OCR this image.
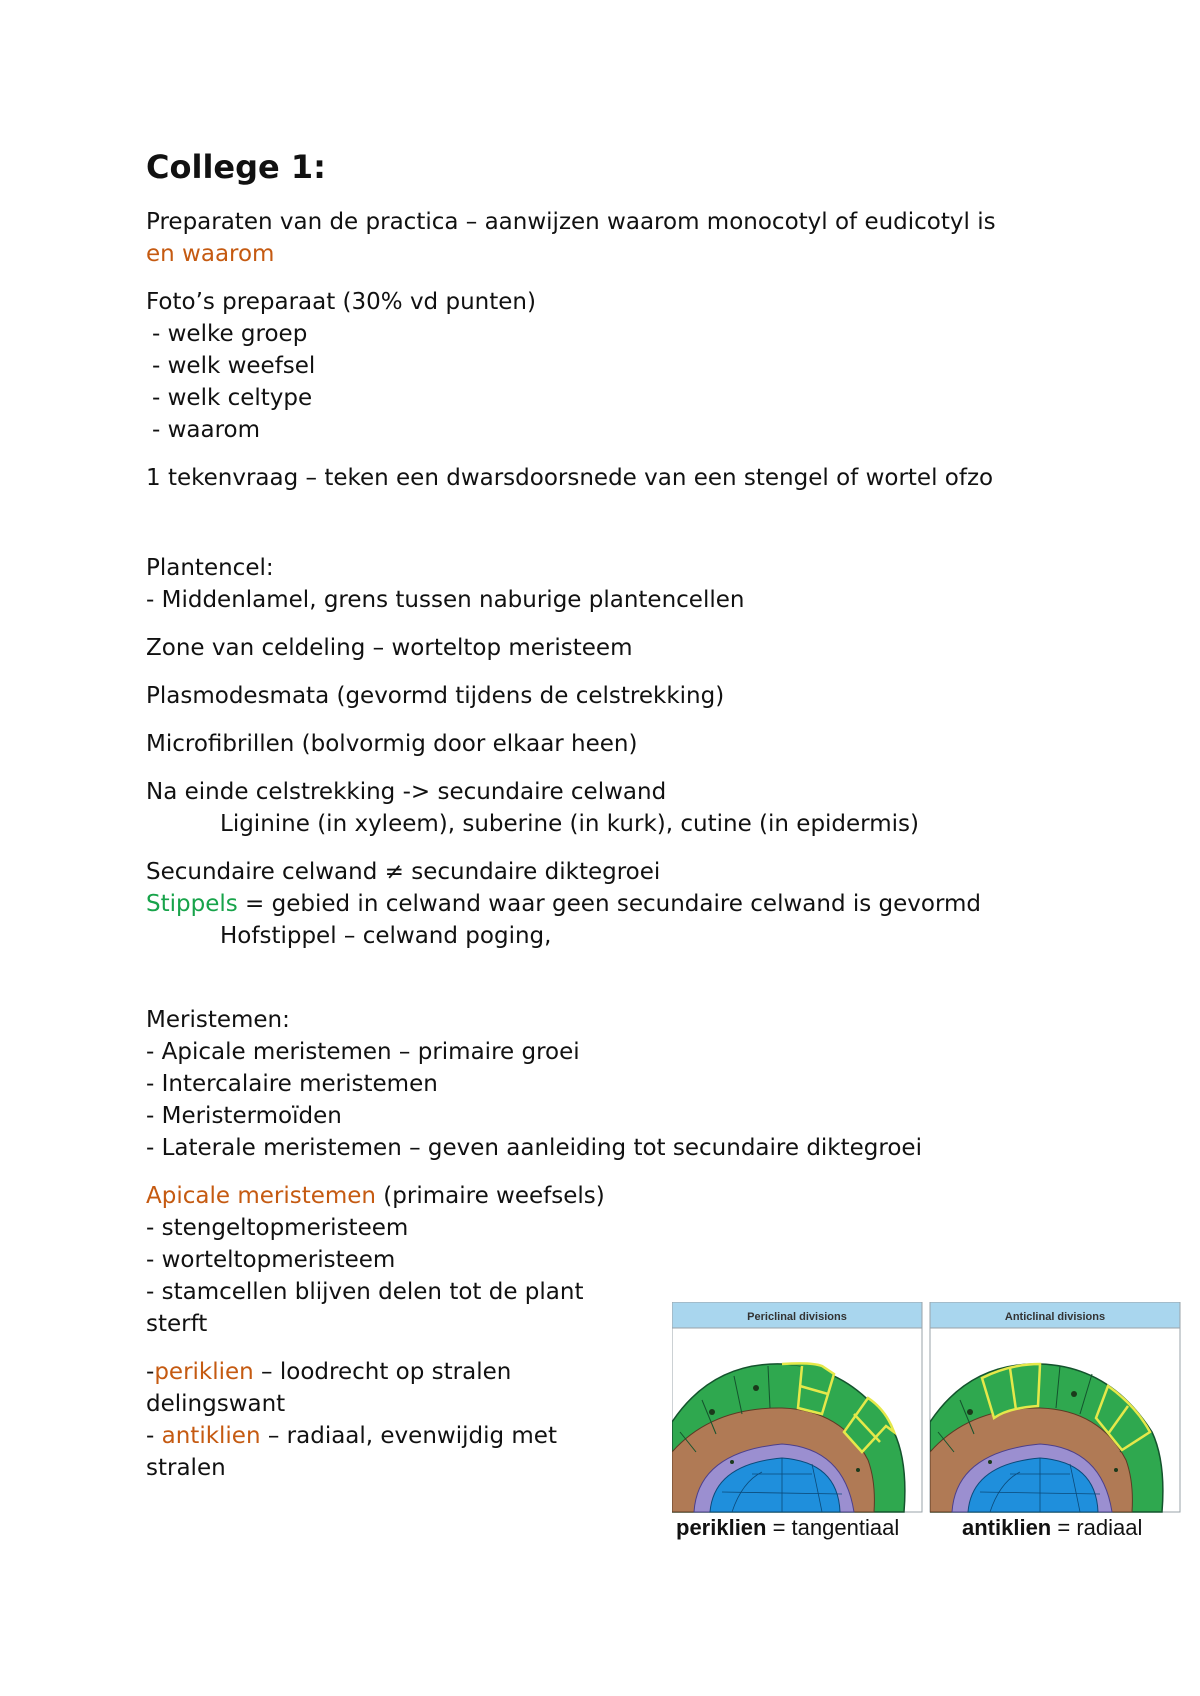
College 1:

Preparaten van de practica – aanwijzen waarom monocotyl of eudicotyl is
en waarom

Foto’s preparaat (30% vd punten)
- welke groep
- welk weefsel
- welk celtype
- waarom

1 tekenvraag – teken een dwarsdoorsnede van een stengel of wortel ofzo

Plantencel:
- Middenlamel, grens tussen naburige plantencellen

Zone van celdeling – worteltop meristeem

Plasmodesmata (gevormd tijdens de celstrekking)

Microfibrillen (bolvormig door elkaar heen)

Na einde celstrekking -> secundaire celwand
Liginine (in xyleem), suberine (in kurk), cutine (in epidermis)

Secundaire celwand ≠ secundaire diktegroei
Stippels = gebied in celwand waar geen secundaire celwand is gevormd
Hofstippel – celwand poging,

Meristemen:
- Apicale meristemen – primaire groei
- Intercalaire meristemen
- Meristermoïden
- Laterale meristemen – geven aanleiding tot secundaire diktegroei

Apicale meristemen (primaire weefsels)
- stengeltopmeristeem
- worteltopmeristeem
- stamcellen blijven delen tot de plant
sterft

-periklien – loodrecht op stralen
delingswant
- antiklien – radiaal, evenwijdig met
stralen

Periclinal divisions	Anticlinal divisions
periklien = tangentiaal	antiklien = radiaal
